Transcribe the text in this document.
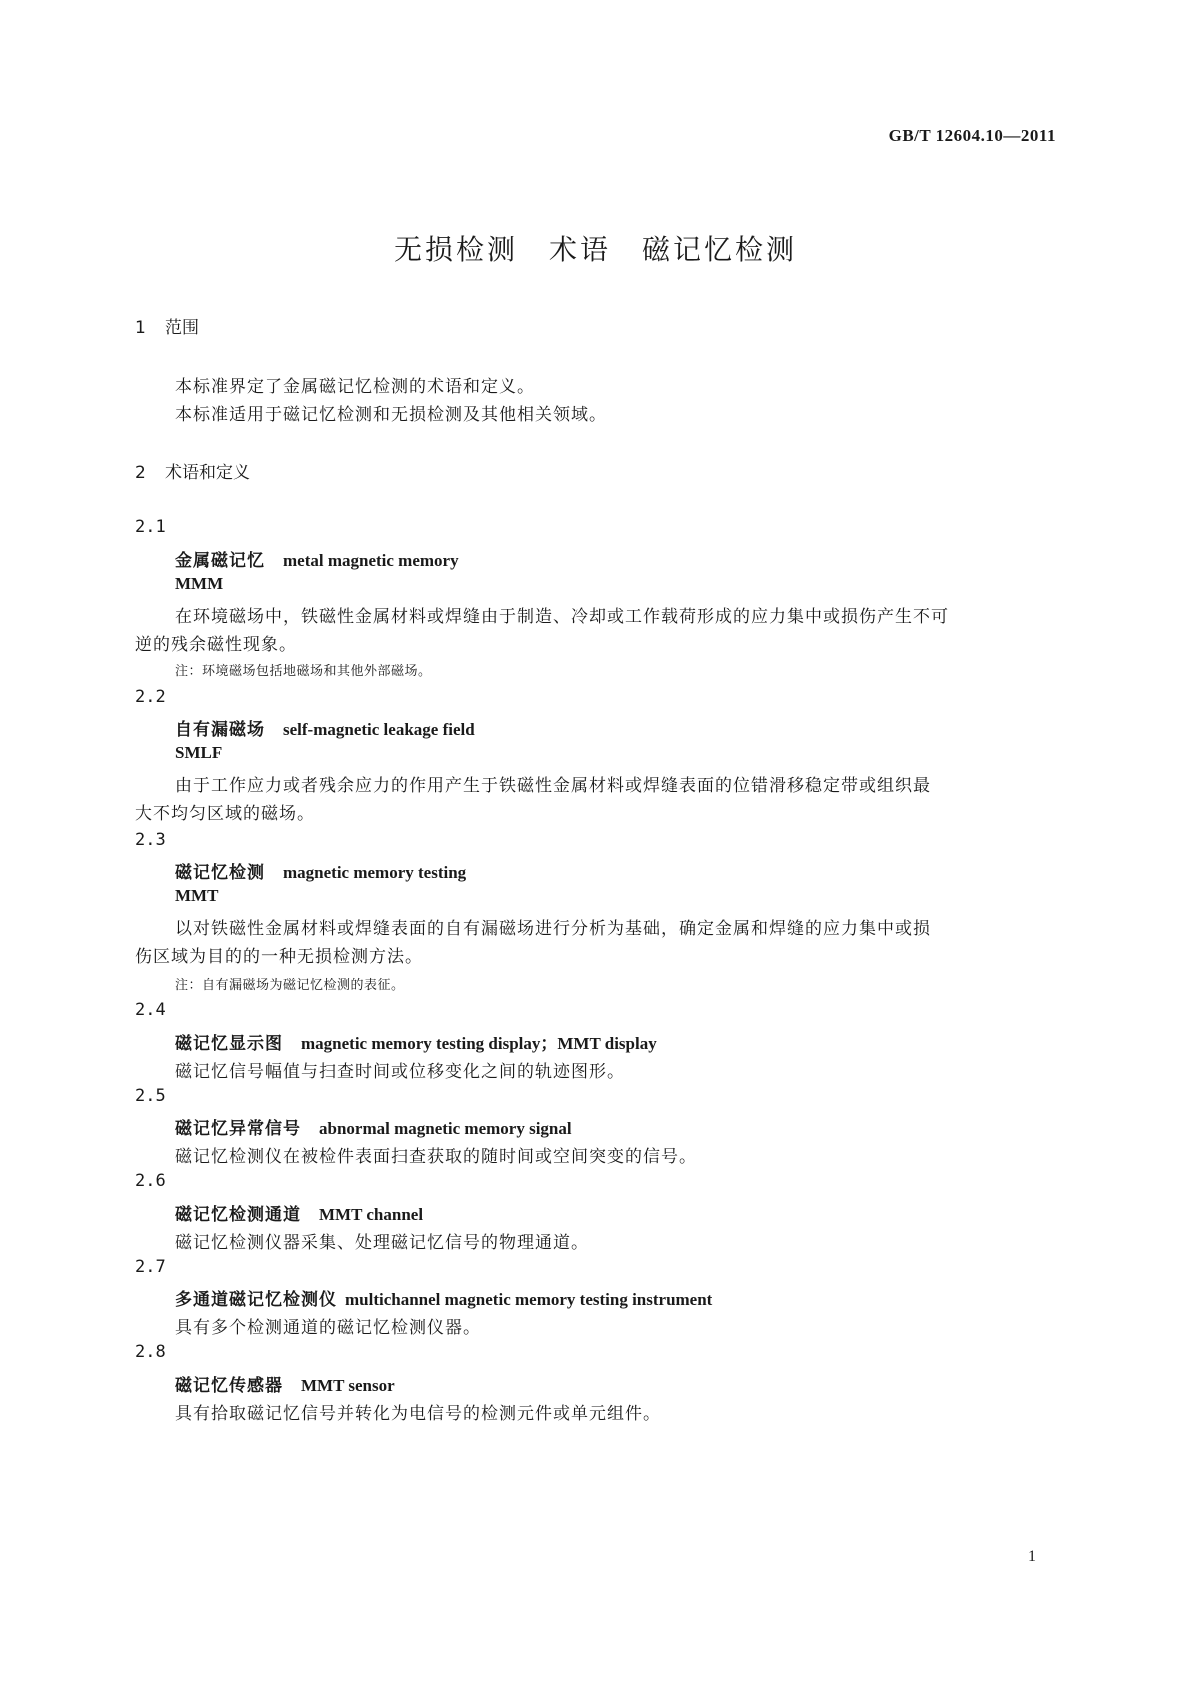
GB/T 12604.10—2011
无损检测　术语　磁记忆检测
1 范围
本标准界定了金属磁记忆检测的术语和定义。
本标准适用于磁记忆检测和无损检测及其他相关领域。
2 术语和定义
2.1
金属磁记忆 metal magnetic memory
MMM
在环境磁场中，铁磁性金属材料或焊缝由于制造、冷却或工作载荷形成的应力集中或损伤产生不可
逆的残余磁性现象。
注：环境磁场包括地磁场和其他外部磁场。
2.2
自有漏磁场 self-magnetic leakage field
SMLF
由于工作应力或者残余应力的作用产生于铁磁性金属材料或焊缝表面的位错滑移稳定带或组织最
大不均匀区域的磁场。
2.3
磁记忆检测 magnetic memory testing
MMT
以对铁磁性金属材料或焊缝表面的自有漏磁场进行分析为基础，确定金属和焊缝的应力集中或损
伤区域为目的的一种无损检测方法。
注：自有漏磁场为磁记忆检测的表征。
2.4
磁记忆显示图 magnetic memory testing display；MMT display
磁记忆信号幅值与扫查时间或位移变化之间的轨迹图形。
2.5
磁记忆异常信号 abnormal magnetic memory signal
磁记忆检测仪在被检件表面扫查获取的随时间或空间突变的信号。
2.6
磁记忆检测通道 MMT channel
磁记忆检测仪器采集、处理磁记忆信号的物理通道。
2.7
多通道磁记忆检测仪 multichannel magnetic memory testing instrument
具有多个检测通道的磁记忆检测仪器。
2.8
磁记忆传感器 MMT sensor
具有拾取磁记忆信号并转化为电信号的检测元件或单元组件。
1
